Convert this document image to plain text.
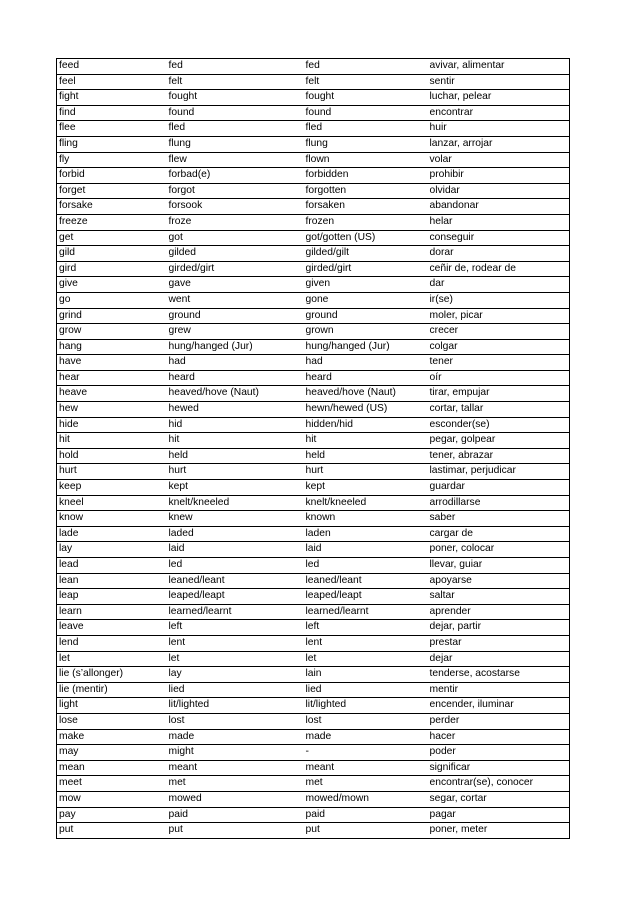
feed	fed	fed	avivar, alimentar
feel	felt	felt	sentir
fight	fought	fought	luchar, pelear
find	found	found	encontrar
flee	fled	fled	huir
fling	flung	flung	lanzar, arrojar
fly	flew	flown	volar
forbid	forbad(e)	forbidden	prohibir
forget	forgot	forgotten	olvidar
forsake	forsook	forsaken	abandonar
freeze	froze	frozen	helar
get	got	got/gotten (US)	conseguir
gild	gilded	gilded/gilt	dorar
gird	girded/girt	girded/girt	ceñir de, rodear de
give	gave	given	dar
go	went	gone	ir(se)
grind	ground	ground	moler, picar
grow	grew	grown	crecer
hang	hung/hanged (Jur)	hung/hanged (Jur)	colgar
have	had	had	tener
hear	heard	heard	oír
heave	heaved/hove (Naut)	heaved/hove (Naut)	tirar, empujar
hew	hewed	hewn/hewed (US)	cortar, tallar
hide	hid	hidden/hid	esconder(se)
hit	hit	hit	pegar, golpear
hold	held	held	tener, abrazar
hurt	hurt	hurt	lastimar, perjudicar
keep	kept	kept	guardar
kneel	knelt/kneeled	knelt/kneeled	arrodillarse
know	knew	known	saber
lade	laded	laden	cargar de
lay	laid	laid	poner, colocar
lead	led	led	llevar, guiar
lean	leaned/leant	leaned/leant	apoyarse
leap	leaped/leapt	leaped/leapt	saltar
learn	learned/learnt	learned/learnt	aprender
leave	left	left	dejar, partir
lend	lent	lent	prestar
let	let	let	dejar
lie (s’allonger)	lay	lain	tenderse, acostarse
lie (mentir)	lied	lied	mentir
light	lit/lighted	lit/lighted	encender, iluminar
lose	lost	lost	perder
make	made	made	hacer
may	might	-	poder
mean	meant	meant	significar
meet	met	met	encontrar(se), conocer
mow	mowed	mowed/mown	segar, cortar
pay	paid	paid	pagar
put	put	put	poner, meter
